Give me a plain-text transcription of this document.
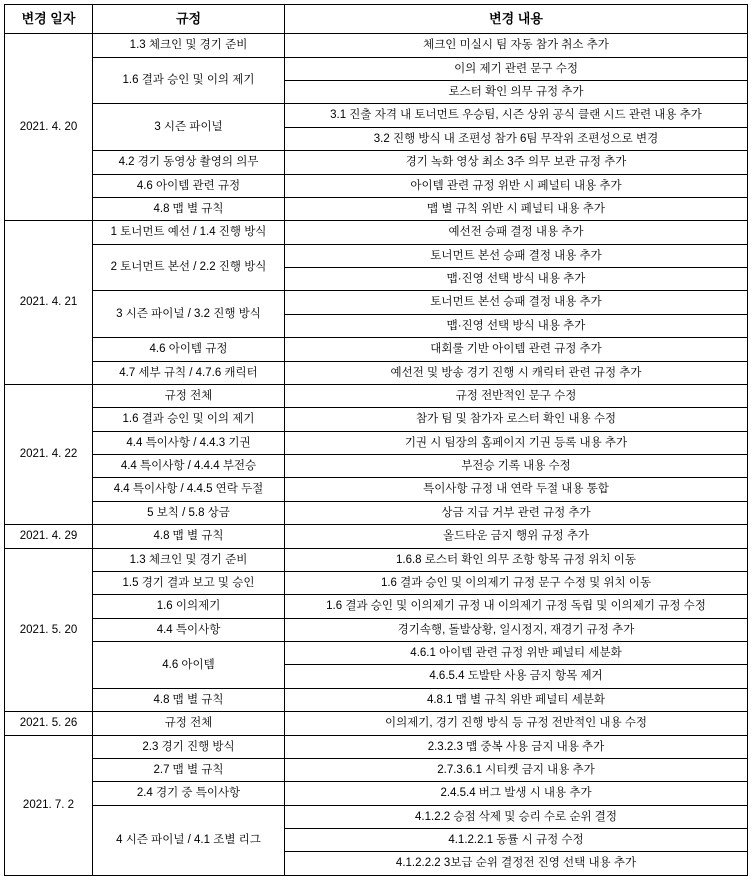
변경 일자	규정	변경 내용
2021. 4. 20	1.3 체크인 및 경기 준비	체크인 미실시 팀 자동 참가 취소 추가
	1.6 결과 승인 및 이의 제기	이의 제기 관련 문구 수정
		로스터 확인 의무 규정 추가
	3 시즌 파이널	3.1 진출 자격 내 토너먼트 우승팀, 시즌 상위 공식 클랜 시드 관련 내용 추가
		3.2 진행 방식 내 조편성 참가 6팀 무작위 조편성으로 변경
	4.2 경기 동영상 촬영의 의무	경기 녹화 영상 최소 3주 의무 보관 규정 추가
	4.6 아이템 관련 규정	아이템 관련 규정 위반 시 페널티 내용 추가
	4.8 맵 별 규칙	맵 별 규칙 위반 시 페널티 내용 추가
2021. 4. 21	1 토너먼트 예선 / 1.4 진행 방식	예선전 승패 결정 내용 추가
	2 토너먼트 본선 / 2.2 진행 방식	토너먼트 본선 승패 결정 내용 추가
		맵·진영 선택 방식 내용 추가
	3 시즌 파이널 / 3.2 진행 방식	토너먼트 본선 승패 결정 내용 추가
		맵·진영 선택 방식 내용 추가
	4.6 아이템 규정	대회룰 기반 아이템 관련 규정 추가
	4.7 세부 규칙 / 4.7.6 캐릭터	예선전 및 방송 경기 진행 시 캐릭터 관련 규정 추가
2021. 4. 22	규정 전체	규정 전반적인 문구 수정
	1.6 결과 승인 및 이의 제기	참가 팀 및 참가자 로스터 확인 내용 수정
	4.4 특이사항 / 4.4.3 기권	기권 시 팀장의 홈페이지 기권 등록 내용 추가
	4.4 특이사항 / 4.4.4 부전승	부전승 기록 내용 수정
	4.4 특이사항 / 4.4.5 연락 두절	특이사항 규정 내 연락 두절 내용 통합
	5 보칙 / 5.8 상금	상금 지급 거부 관련 규정 추가
2021. 4. 29	4.8 맵 별 규칙	올드타운 금지 행위 규정 추가
2021. 5. 20	1.3 체크인 및 경기 준비	1.6.8 로스터 확인 의무 조항 항목 규정 위치 이동
	1.5 경기 결과 보고 및 승인	1.6 결과 승인 및 이의제기 규정 문구 수정 및 위치 이동
	1.6 이의제기	1.6 결과 승인 및 이의제기 규정 내 이의제기 규정 독립 및 이의제기 규정 수정
	4.4 특이사항	경기속행, 돌발상황, 일시정지, 재경기 규정 추가
	4.6 아이템	4.6.1 아이템 관련 규정 위반 페널티 세분화
		4.6.5.4 도발탄 사용 금지 항목 제거
	4.8 맵 별 규칙	4.8.1 맵 별 규칙 위반 페널티 세분화
2021. 5. 26	규정 전체	이의제기, 경기 진행 방식 등 규정 전반적인 내용 수정
2021. 7. 2	2.3 경기 진행 방식	2.3.2.3 맵 중복 사용 금지 내용 추가
	2.7 맵 별 규칙	2.7.3.6.1 시티켓 금지 내용 추가
	2.4 경기 중 특이사항	2.4.5.4 버그 발생 시 내용 추가
	4 시즌 파이널 / 4.1 조별 리그	4.1.2.2 승점 삭제 및 승리 수로 순위 결정
		4.1.2.2.1 동률 시 규정 수정
		4.1.2.2.2 3보급 순위 결정전 진영 선택 내용 추가
